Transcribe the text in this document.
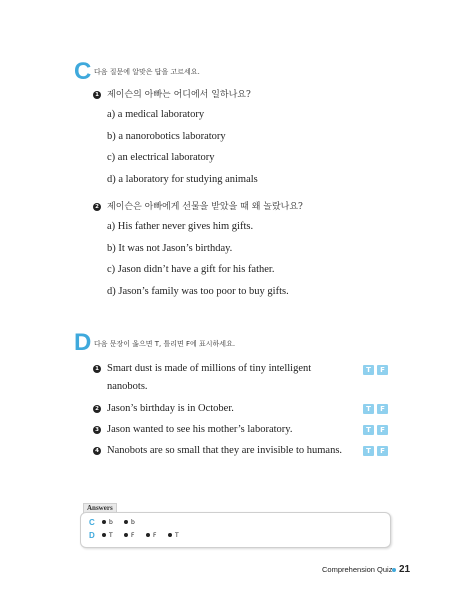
C 다음 질문에 알맞은 답을 고르세요.
1 제이슨의 아빠는 어디에서 일하나요?
a) a medical laboratory
b) a nanorobotics laboratory
c) an electrical laboratory
d) a laboratory for studying animals
2 제이슨은 아빠에게 선물을 받았을 때 왜 놀랐나요?
a) His father never gives him gifts.
b) It was not Jason’s birthday.
c) Jason didn’t have a gift for his father.
d) Jason’s family was too poor to buy gifts.
D 다음 문장이 옳으면 T, 틀리면 F에 표시하세요.
1 Smart dust is made of millions of tiny intelligent
nanobots.
T	F
2 Jason’s birthday is in October.	T	F
3 Jason wanted to see his mother’s laboratory.	T	F
4 Nanobots are so small that they are invisible to humans.	T	F
Answers
C	b	b
D	T	F	F	T
Comprehension Quiz 21
